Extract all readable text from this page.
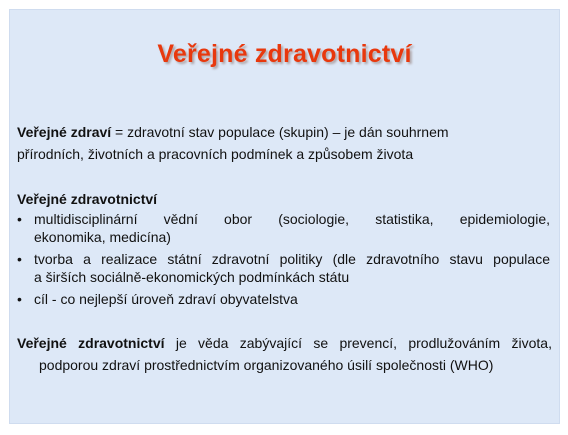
Veřejné zdravotnictví
Veřejné zdraví = zdravotní stav populace (skupin) – je dán souhrnem
přírodních, životních a pracovních podmínek a způsobem života
Veřejné zdravotnictví
• multidisciplinární vědní obor (sociologie, statistika, epidemiologie,
ekonomika, medicína)
• tvorba a realizace státní zdravotní politiky (dle zdravotního stavu populace
a širších sociálně-ekonomických podmínkách státu
• cíl - co nejlepší úroveň zdraví obyvatelstva
Veřejné zdravotnictví je věda zabývající se prevencí, prodlužováním života,
podporou zdraví prostřednictvím organizovaného úsilí společnosti (WHO)
